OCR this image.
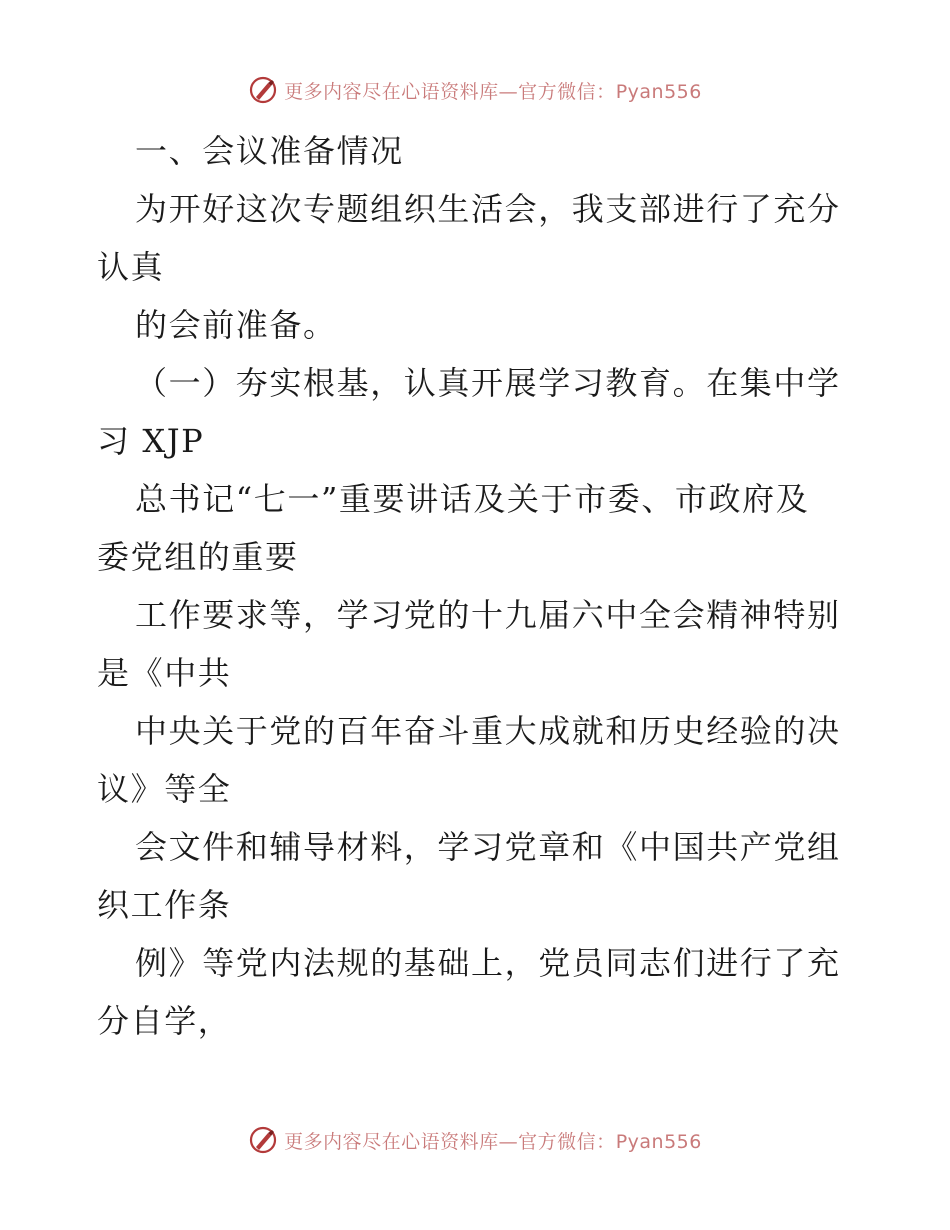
更多内容尽在心语资料库—官方微信：Pyan556
一、会议准备情况
为开好这次专题组织生活会，我支部进行了充分
认真
的会前准备。
（一）夯实根基，认真开展学习教育。在集中学
习 XJP
总书记“七一”重要讲话及关于市委、市政府及
委党组的重要
工作要求等，学习党的十九届六中全会精神特别
是《中共
中央关于党的百年奋斗重大成就和历史经验的决
议》等全
会文件和辅导材料，学习党章和《中国共产党组
织工作条
例》等党内法规的基础上，党员同志们进行了充
分自学，
更多内容尽在心语资料库—官方微信：Pyan556
